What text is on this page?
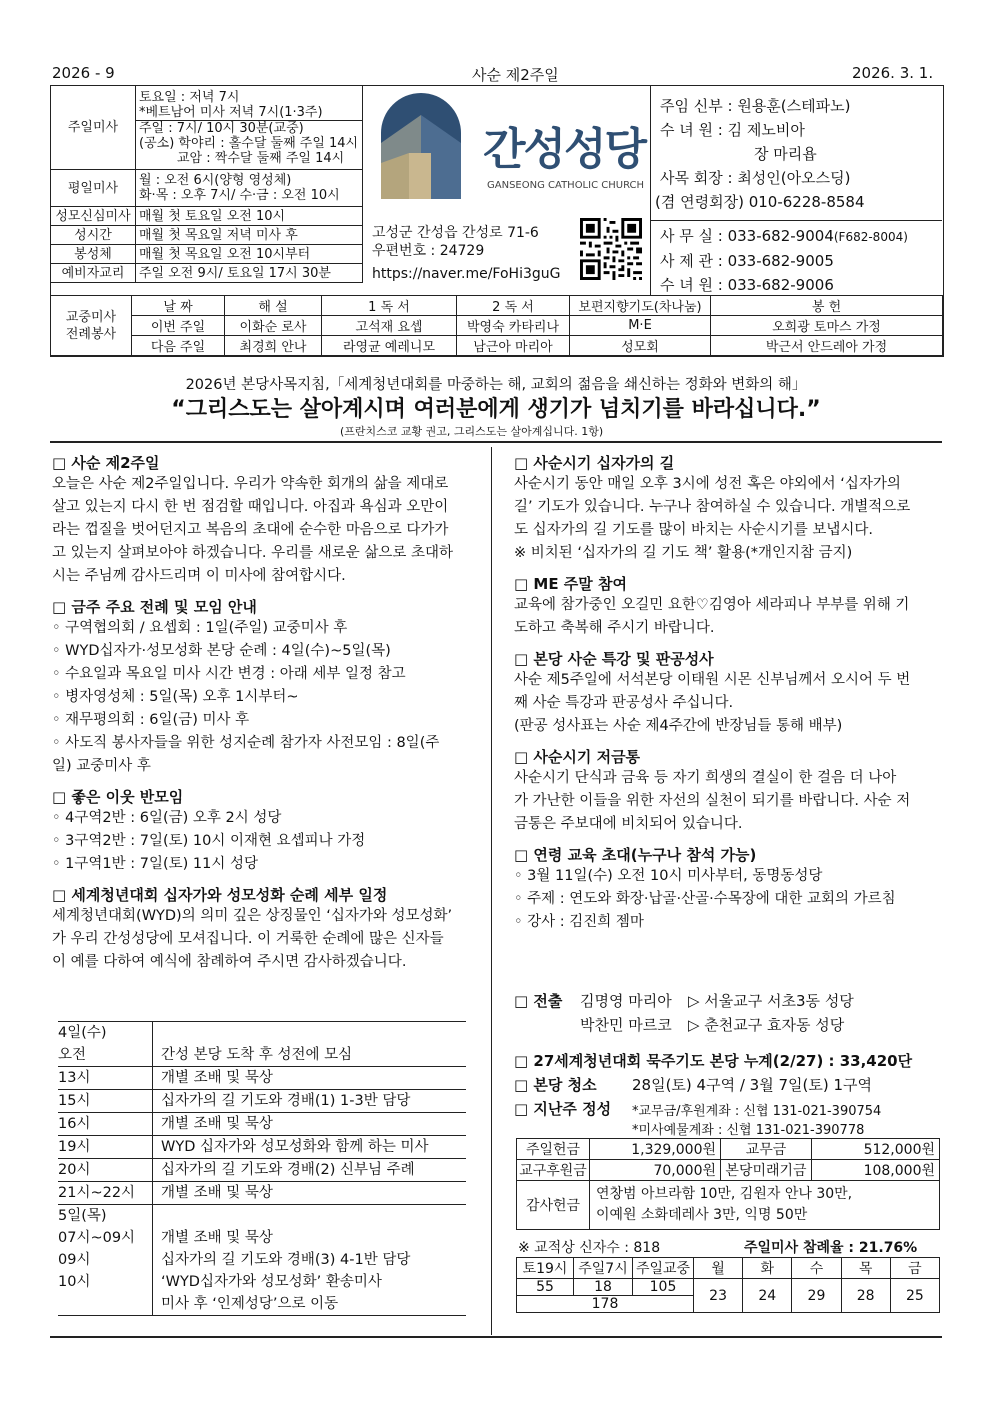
2026 - 9	사순 제2주일	2026. 3. 1.
주일미사	토요일 : 저녁 7시
*베트남어 미사 저녁 7시(1·3주)
주일 : 7시/ 10시 30분(교중)
(공소) 학야리 : 홀수달 둘째 주일 14시
교암 : 짝수달 둘째 주일 14시

평일미사	월 : 오전 6시(양형 영성체)
화·목 : 오후 7시/ 수·금 : 오전 10시

성모신심미사	매월 첫 토요일 오전 10시
성시간	매월 첫 목요일 저녁 미사 후
봉성체	매월 첫 목요일 오전 10시부터
예비자교리	주일 오전 9시/ 토요일 17시 30분
간성성당
GANSEONG CATHOLIC CHURCH
고성군 간성읍 간성로 71-6
우편번호 : 24729
https://naver.me/FoHi3guG
주임 신부 : 원용훈(스테파노)
수 녀 원 : 김 제노비아
장 마리욥
사목 회장 : 최성인(아오스딩)
(겸 연령회장) 010-6228-8584
사 무 실 : 033-682-9004(F682-8004)
사 제 관 : 033-682-9005
수 녀 원 : 033-682-9006
교중미사
전례봉사	날 짜	해 설	1 독 서	2 독 서	보편지향기도(차나눔)	봉 헌
	이번 주일	이화순 로사	고석재 요셉	박영숙 카타리나	M·E	오희광 토마스 가정
	다음 주일	최경희 안나	라영균 예레니모	남근아 마리아	성모회	박근서 안드레아 가정
2026년 본당사목지침,「세계청년대회를 마중하는 해, 교회의 젊음을 쇄신하는 정화와 변화의 해」
“그리스도는 살아계시며 여러분에게 생기가 넘치기를 바라십니다.”
(프란치스코 교황 권고, 그리스도는 살아계십니다. 1항)
□ 사순 제2주일
오늘은 사순 제2주일입니다. 우리가 약속한 회개의 삶을 제대로
살고 있는지 다시 한 번 점검할 때입니다. 아집과 욕심과 오만이
라는 껍질을 벗어던지고 복음의 초대에 순수한 마음으로 다가가
고 있는지 살펴보아야 하겠습니다. 우리를 새로운 삶으로 초대하
시는 주님께 감사드리며 이 미사에 참여합시다.
□ 금주 주요 전례 및 모임 안내
◦ 구역협의회 / 요셉회 : 1일(주일) 교중미사 후
◦ WYD십자가·성모성화 본당 순례 : 4일(수)~5일(목)
◦ 수요일과 목요일 미사 시간 변경 : 아래 세부 일정 참고
◦ 병자영성체 : 5일(목) 오후 1시부터~
◦ 재무평의회 : 6일(금) 미사 후
◦ 사도직 봉사자들을 위한 성지순례 참가자 사전모임 : 8일(주
일) 교중미사 후
□ 좋은 이웃 반모임
◦ 4구역2반 : 6일(금) 오후 2시 성당
◦ 3구역2반 : 7일(토) 10시 이재현 요셉피나 가정
◦ 1구역1반 : 7일(토) 11시 성당
□ 세계청년대회 십자가와 성모성화 순례 세부 일정
세계청년대회(WYD)의 의미 깊은 상징물인 ‘십자가와 성모성화’
가 우리 간성성당에 모셔집니다. 이 거룩한 순례에 많은 신자들
이 예를 다하여 예식에 참례하여 주시면 감사하겠습니다.
4일(수)	
오전	간성 본당 도착 후 성전에 모심
13시	개별 조배 및 묵상
15시	십자가의 길 기도와 경배(1) 1-3반 담당
16시	개별 조배 및 묵상
19시	WYD 십자가와 성모성화와 함께 하는 미사
20시	십자가의 길 기도와 경배(2) 신부님 주례
21시~22시	개별 조배 및 묵상
5일(목)	
07시~09시	개별 조배 및 묵상
09시	십자가의 길 기도와 경배(3) 4-1반 담당
10시	‘WYD십자가와 성모성화’ 환송미사
	미사 후 ‘인제성당’으로 이동
□ 사순시기 십자가의 길
사순시기 동안 매일 오후 3시에 성전 혹은 야외에서 ‘십자가의
길’ 기도가 있습니다. 누구나 참여하실 수 있습니다. 개별적으로
도 십자가의 길 기도를 많이 바치는 사순시기를 보냅시다.
※ 비치된 ‘십자가의 길 기도 책’ 활용(*개인지참 금지)
□ ME 주말 참여
교육에 참가중인 오길민 요한♡김영아 세라피나 부부를 위해 기
도하고 축복해 주시기 바랍니다.
□ 본당 사순 특강 및 판공성사
사순 제5주일에 서석본당 이태원 시몬 신부님께서 오시어 두 번
째 사순 특강과 판공성사 주십니다.
(판공 성사표는 사순 제4주간에 반장님들 통해 배부)
□ 사순시기 저금통
사순시기 단식과 금육 등 자기 희생의 결실이 한 걸음 더 나아
가 가난한 이들을 위한 자선의 실천이 되기를 바랍니다. 사순 저
금통은 주보대에 비치되어 있습니다.
□ 연령 교육 초대(누구나 참석 가능)
◦ 3월 11일(수) 오전 10시 미사부터, 동명동성당
◦ 주제 : 연도와 화장·납골·산골·수목장에 대한 교회의 가르침
◦ 강사 : 김진희 젬마
□ 전출 김명영 마리아 ▷ 서울교구 서초3동 성당
박찬민 마르코 ▷ 춘천교구 효자동 성당
□ 27세계청년대회 묵주기도 본당 누계(2/27) : 33,420단
□ 본당 청소 28일(토) 4구역 / 3월 7일(토) 1구역
□ 지난주 정성 *교무금/후원계좌 : 신협 131-021-390754
*미사예물계좌 : 신협 131-021-390778
주일헌금	1,329,000원	교무금	512,000원
교구후원금	70,000원	본당미래기금	108,000원
감사헌금	연창범 아브라함 10만, 김원자 안나 30만,
이예원 소화데레사 3만, 익명 50만		
※ 교적상 신자수 : 818	주일미사 참례율 : 21.76%
토19시	주일7시	주일교중	월	화	수	목	금
55	18	105	23	24	29	28	25
178							
